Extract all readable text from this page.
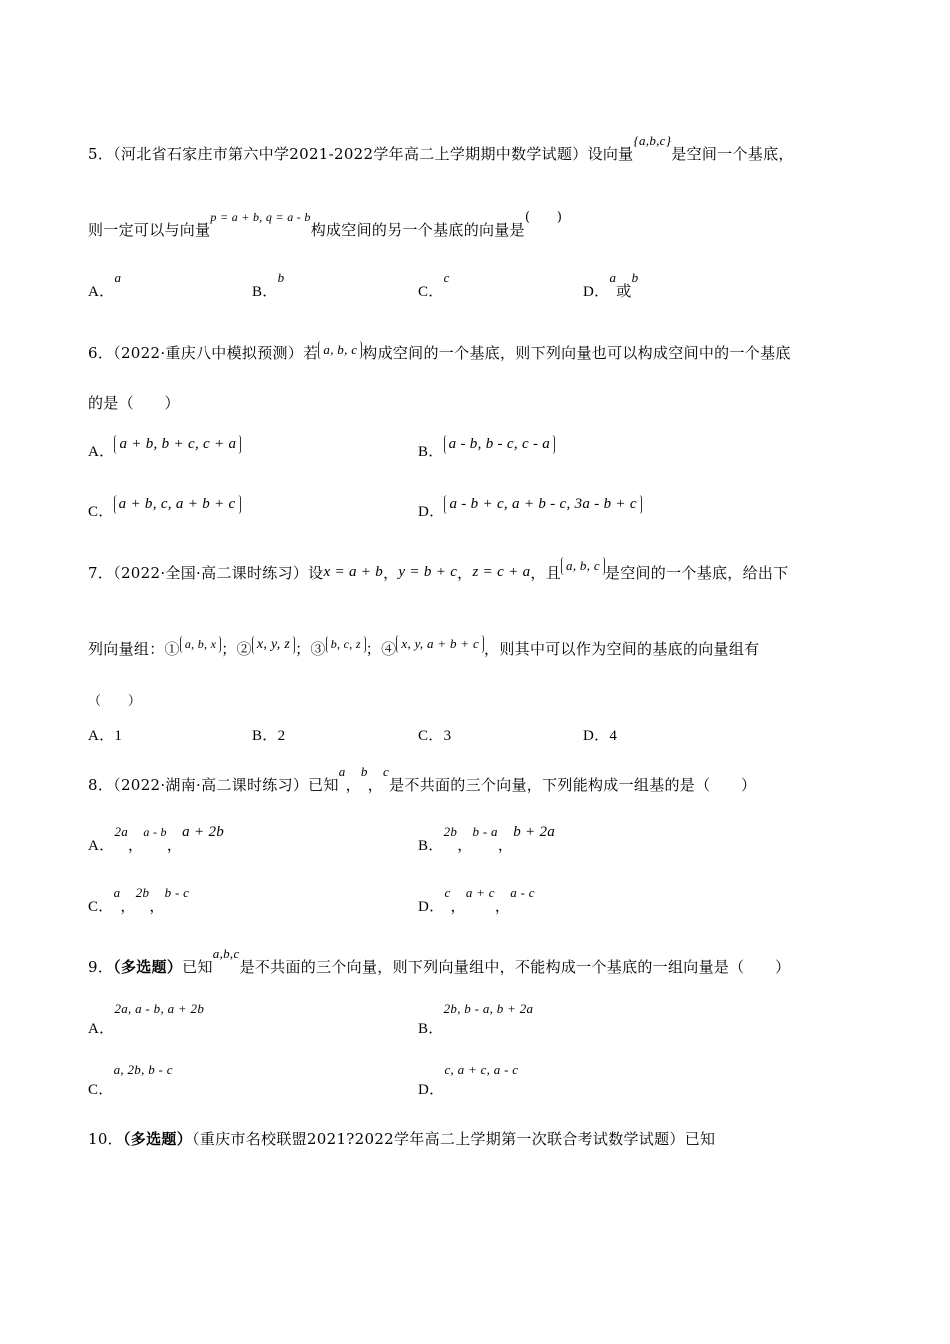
5．（河北省石家庄市第六中学2021-2022学年高二上学期期中数学试题）设向量{a,b,c}是空间一个基底，
则一定可以与向量$^{p = a + b, q = a - b}$构成空间的另一个基底的向量是(　　)
A．a
B．b
C．c
D．a或b
6．（2022·重庆八中模拟预测）若 a, b, c 构成空间的一个基底，则下列向量也可以构成空间中的一个基底
的是（　　）
A． a + b, b + c, c + a	B． a - b, b - c, c - a
C． a + b, c, a + b + c	D． a - b + c, a + b - c, 3a - b + c
7．（2022·全国·高二课时练习）设x = a + b，y = b + c，z = c + a，且 a, b, c 是空间的一个基底，给出下
列向量组：① a, b, x ；② x, y, z ；③ b, c, z ；④ x, y, a + b + c ，则其中可以作为空间的基底的向量组有
（　　）
A．1	B．2	C．3	D．4
8．（2022·湖南·高二课时练习）已知a，b，c是不共面的三个向量，下列能构成一组基的是（　　）
A．2a，$^{a - b}$，a + 2b
B．2b，b - a，b + 2a
C．a，2b，b - c
D．c，a + c，a - c
9．（多选题）已知a,b,c是不共面的三个向量，则下列向量组中，不能构成一个基底的一组向量是（　　）
A．2a, a - b, a + 2b
B．2b, b - a, b + 2a
C．a, 2b, b - c
D．c, a + c, a - c
10．（多选题）（重庆市名校联盟2021?2022学年高二上学期第一次联合考试数学试题）已知
